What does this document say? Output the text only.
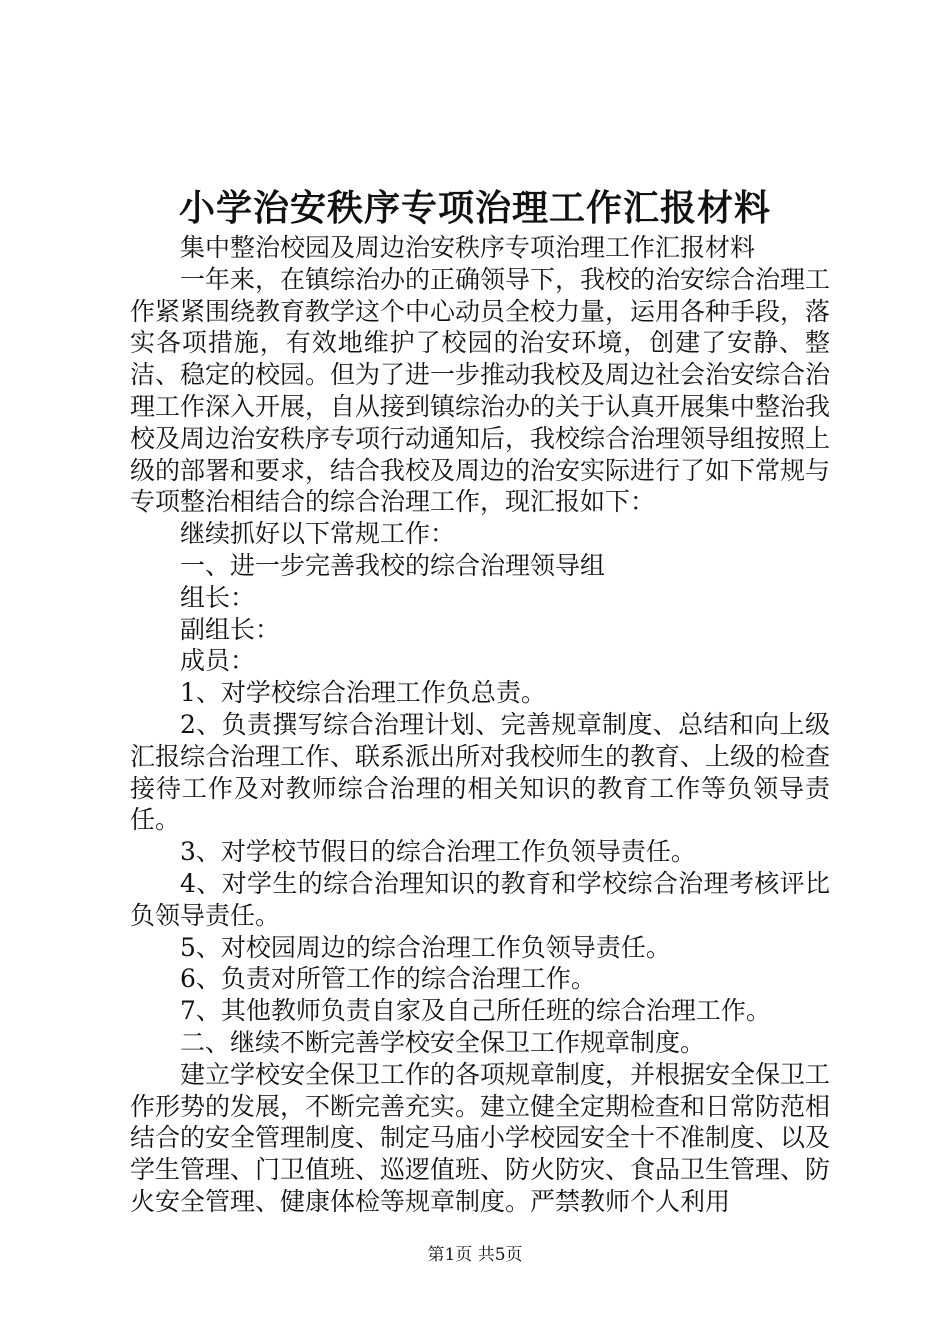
小学治安秩序专项治理工作汇报材料

集中整治校园及周边治安秩序专项治理工作汇报材料

一年来，在镇综治办的正确领导下，我校的治安综合治理工作紧紧围绕教育教学这个中心动员全校力量，运用各种手段，落实各项措施，有效地维护了校园的治安环境，创建了安静、整洁、稳定的校园。但为了进一步推动我校及周边社会治安综合治理工作深入开展，自从接到镇综治办的关于认真开展集中整治我校及周边治安秩序专项行动通知后，我校综合治理领导组按照上级的部署和要求，结合我校及周边的治安实际进行了如下常规与专项整治相结合的综合治理工作，现汇报如下：

继续抓好以下常规工作：

一、进一步完善我校的综合治理领导组

组长：

副组长：

成员：

1、对学校综合治理工作负总责。

2、负责撰写综合治理计划、完善规章制度、总结和向上级汇报综合治理工作、联系派出所对我校师生的教育、上级的检查接待工作及对教师综合治理的相关知识的教育工作等负领导责任。

3、对学校节假日的综合治理工作负领导责任。

4、对学生的综合治理知识的教育和学校综合治理考核评比负领导责任。

5、对校园周边的综合治理工作负领导责任。

6、负责对所管工作的综合治理工作。

7、其他教师负责自家及自己所任班的综合治理工作。

二、继续不断完善学校安全保卫工作规章制度。

建立学校安全保卫工作的各项规章制度，并根据安全保卫工作形势的发展，不断完善充实。建立健全定期检查和日常防范相结合的安全管理制度、制定马庙小学校园安全十不准制度、以及学生管理、门卫值班、巡逻值班、防火防灾、食品卫生管理、防火安全管理、健康体检等规章制度。严禁教师个人利用

第1页 共5页
